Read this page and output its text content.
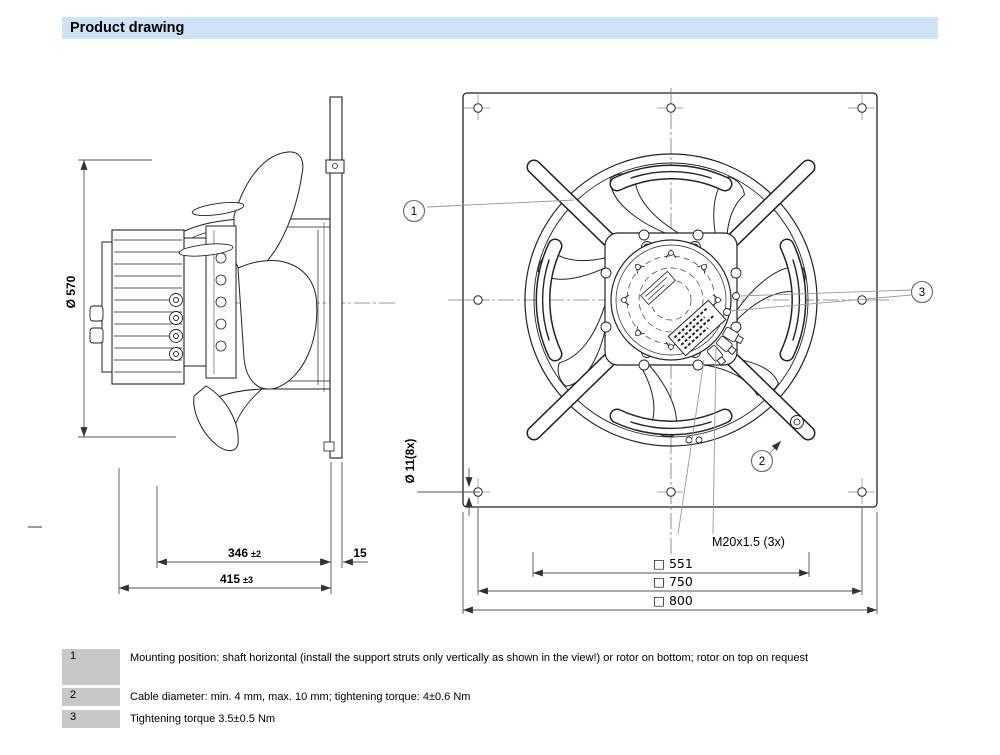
Product drawing
Ø 570
346 ±2	15
415 ±3
1
2
3
Ø 11(8x)
M20x1.5 (3x)
□ 551
□ 750
□ 800
1	Mounting position: shaft horizontal (install the support struts only vertically as shown in the view!) or rotor on bottom; rotor on top on request
2	Cable diameter: min. 4 mm, max. 10 mm; tightening torque: 4±0.6 Nm
3	Tightening torque 3.5±0.5 Nm
